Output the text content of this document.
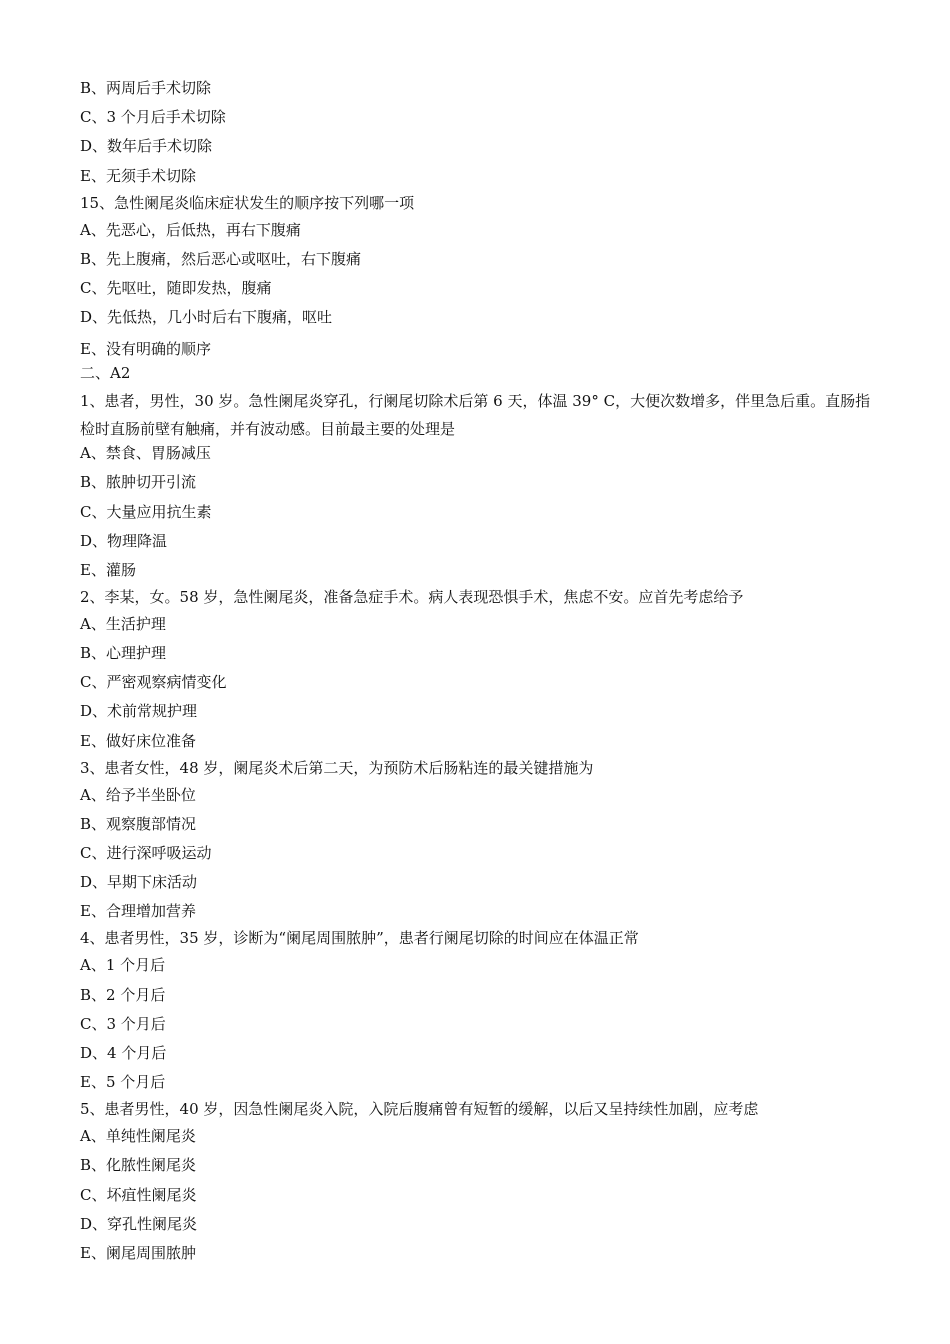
B、两周后手术切除
C、3 个月后手术切除
D、数年后手术切除
E、无须手术切除
15、急性阑尾炎临床症状发生的顺序按下列哪一项
A、先恶心，后低热，再右下腹痛
B、先上腹痛，然后恶心或呕吐，右下腹痛
C、先呕吐，随即发热，腹痛
D、先低热，几小时后右下腹痛，呕吐
E、没有明确的顺序
二、A2
1、患者，男性，30 岁。急性阑尾炎穿孔，行阑尾切除术后第 6 天，体温 39° C，大便次数增多，伴里急后重。直肠指检时直肠前壁有触痛，并有波动感。目前最主要的处理是
A、禁食、胃肠减压
B、脓肿切开引流
C、大量应用抗生素
D、物理降温
E、灌肠
2、李某，女。58 岁，急性阑尾炎，准备急症手术。病人表现恐惧手术，焦虑不安。应首先考虑给予
A、生活护理
B、心理护理
C、严密观察病情变化
D、术前常规护理
E、做好床位准备
3、患者女性，48 岁，阑尾炎术后第二天，为预防术后肠粘连的最关键措施为
A、给予半坐卧位
B、观察腹部情况
C、进行深呼吸运动
D、早期下床活动
E、合理增加营养
4、患者男性，35 岁，诊断为“阑尾周围脓肿”，患者行阑尾切除的时间应在体温正常
A、1 个月后
B、2 个月后
C、3 个月后
D、4 个月后
E、5 个月后
5、患者男性，40 岁，因急性阑尾炎入院，入院后腹痛曾有短暂的缓解，以后又呈持续性加剧，应考虑
A、单纯性阑尾炎
B、化脓性阑尾炎
C、坏疽性阑尾炎
D、穿孔性阑尾炎
E、阑尾周围脓肿
